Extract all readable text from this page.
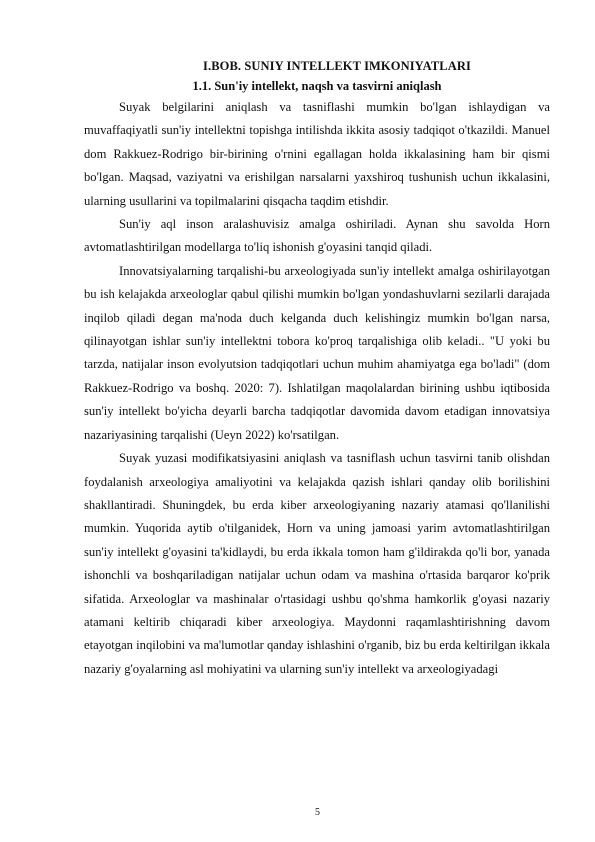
I.BOB. SUNIY INTELLEKT IMKONIYATLARI
1.1. Sun'iy intellekt, naqsh va tasvirni aniqlash

Suyak belgilarini aniqlash va tasniflashi mumkin bo'lgan ishlaydigan va muvaffaqiyatli sun'iy intellektni topishga intilishda ikkita asosiy tadqiqot o'tkazildi. Manuel dom Rakkuez-Rodrigo bir-birining o'rnini egallagan holda ikkalasining ham bir qismi bo'lgan. Maqsad, vaziyatni va erishilgan narsalarni yaxshiroq tushunish uchun ikkalasini, ularning usullarini va topilmalarini qisqacha taqdim etishdir.

Sun'iy aql inson aralashuvisiz amalga oshiriladi. Aynan shu savolda Horn avtomatlashtirilgan modellarga to'liq ishonish g'oyasini tanqid qiladi.

Innovatsiyalarning tarqalishi-bu arxeologiyada sun'iy intellekt amalga oshirilayotgan bu ish kelajakda arxeologlar qabul qilishi mumkin bo'lgan yondashuvlarni sezilarli darajada inqilob qiladi degan ma'noda duch kelganda duch kelishingiz mumkin bo'lgan narsa, qilinayotgan ishlar sun'iy intellektni tobora ko'proq tarqalishiga olib keladi.. "U yoki bu tarzda, natijalar inson evolyutsion tadqiqotlari uchun muhim ahamiyatga ega bo'ladi" (dom Rakkuez-Rodrigo va boshq. 2020: 7). Ishlatilgan maqolalardan birining ushbu iqtibosida sun'iy intellekt bo'yicha deyarli barcha tadqiqotlar davomida davom etadigan innovatsiya nazariyasining tarqalishi (Ueyn 2022) ko'rsatilgan.

Suyak yuzasi modifikatsiyasini aniqlash va tasniflash uchun tasvirni tanib olishdan foydalanish arxeologiya amaliyotini va kelajakda qazish ishlari qanday olib borilishini shakllantiradi. Shuningdek, bu erda kiber arxeologiyaning nazariy atamasi qo'llanilishi mumkin. Yuqorida aytib o'tilganidek, Horn va uning jamoasi yarim avtomatlashtirilgan sun'iy intellekt g'oyasini ta'kidlaydi, bu erda ikkala tomon ham g'ildirakda qo'li bor, yanada ishonchli va boshqariladigan natijalar uchun odam va mashina o'rtasida barqaror ko'prik sifatida. Arxeologlar va mashinalar o'rtasidagi ushbu qo'shma hamkorlik g'oyasi nazariy atamani keltirib chiqaradi kiber arxeologiya. Maydonni raqamlashtirishning davom etayotgan inqilobini va ma'lumotlar qanday ishlashini o'rganib, biz bu erda keltirilgan ikkala nazariy g'oyalarning asl mohiyatini va ularning sun'iy intellekt va arxeologiyadagi

5
